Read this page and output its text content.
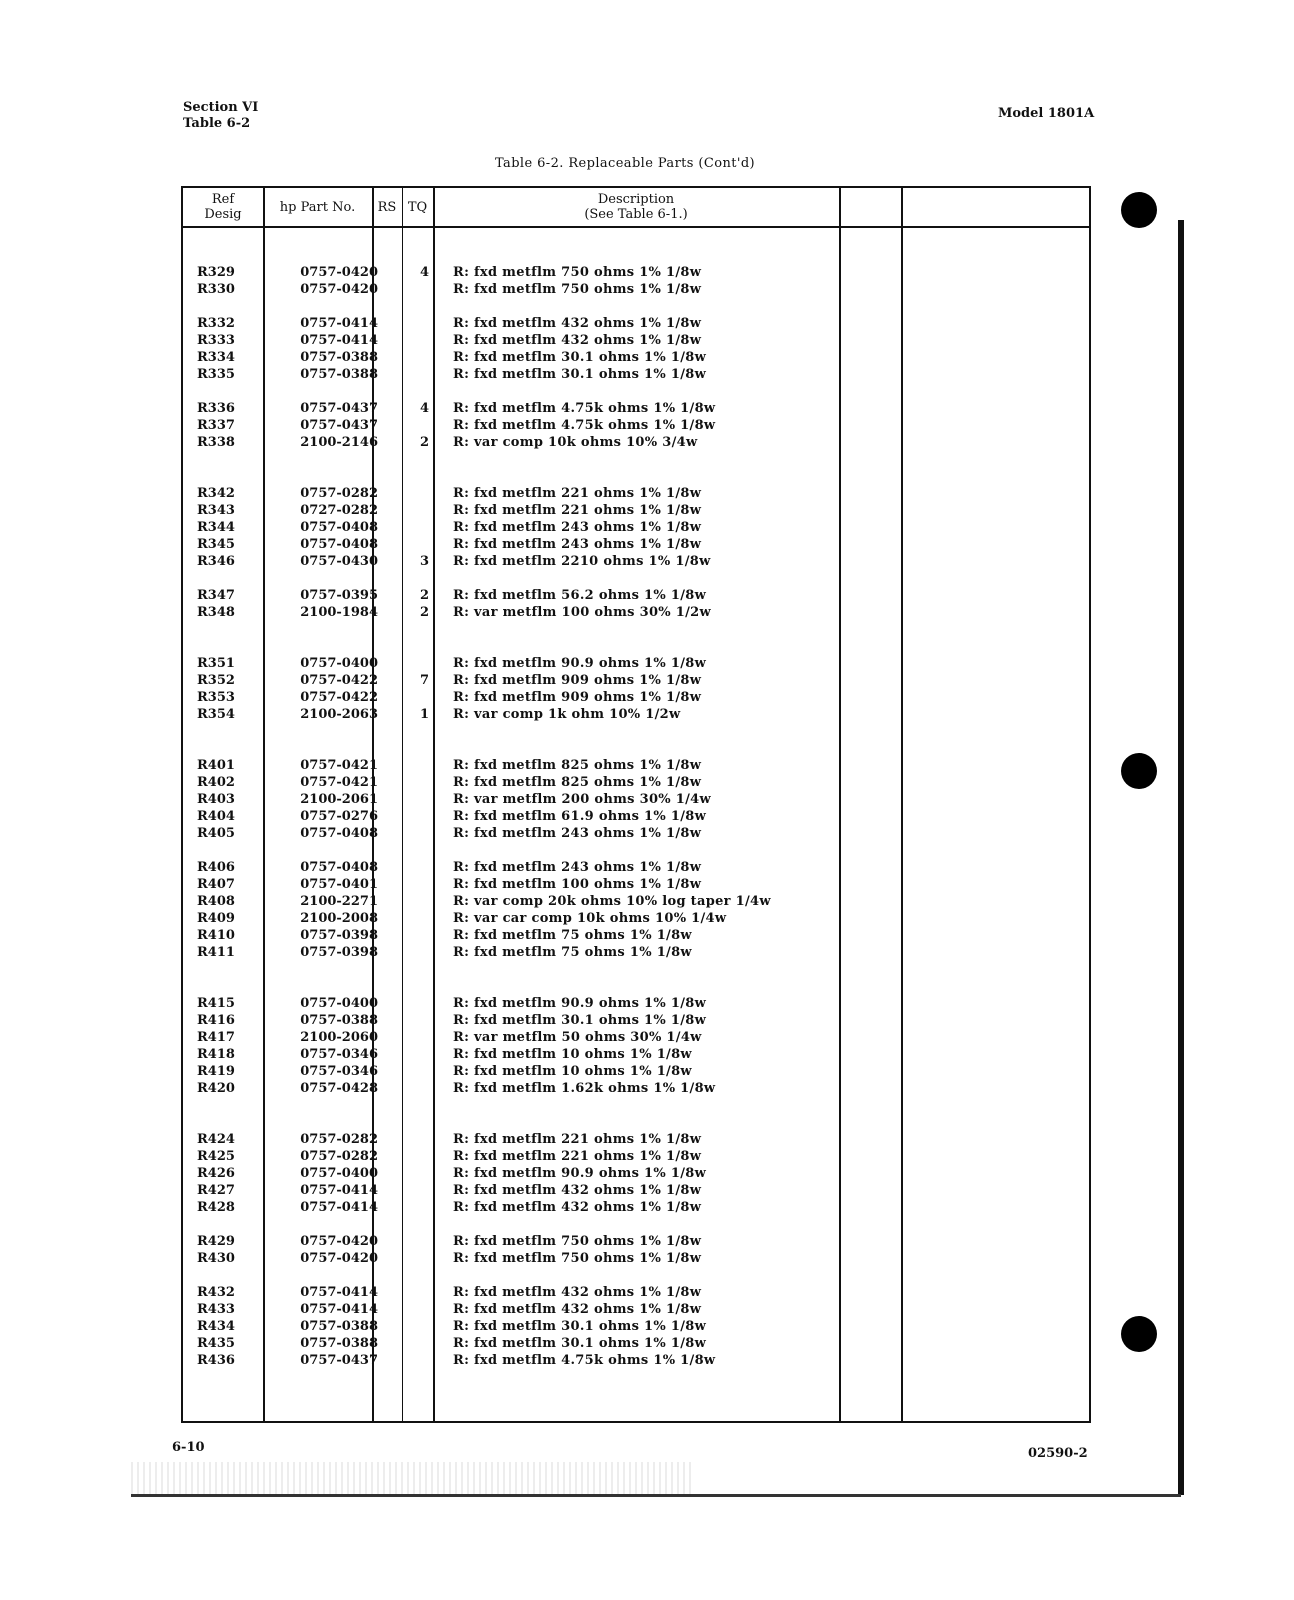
Section VI
Table 6-2
Model 1801A
Table 6-2. Replaceable Parts (Cont'd)
Ref
Desig	hp Part No.	RS TQ	Description
(See Table 6-1.)
R329	0757-0420	4 R: fxd metflm 750 ohms 1% 1/8w
R330	0757-0420	R: fxd metflm 750 ohms 1% 1/8w
R332	0757-0414	R: fxd metflm 432 ohms 1% 1/8w
R333	0757-0414	R: fxd metflm 432 ohms 1% 1/8w
R334	0757-0388	R: fxd metflm 30.1 ohms 1% 1/8w
R335	0757-0388	R: fxd metflm 30.1 ohms 1% 1/8w
R336	0757-0437	4 R: fxd metflm 4.75k ohms 1% 1/8w
R337	0757-0437	R: fxd metflm 4.75k ohms 1% 1/8w
R338	2100-2146	2 R: var comp 10k ohms 10% 3/4w
R342	0757-0282	R: fxd metflm 221 ohms 1% 1/8w
R343	0727-0282	R: fxd metflm 221 ohms 1% 1/8w
R344	0757-0408	R: fxd metflm 243 ohms 1% 1/8w
R345	0757-0408	R: fxd metflm 243 ohms 1% 1/8w
R346	0757-0430	3 R: fxd metflm 2210 ohms 1% 1/8w
R347	0757-0395	2 R: fxd metflm 56.2 ohms 1% 1/8w
R348	2100-1984	2 R: var metflm 100 ohms 30% 1/2w
R351	0757-0400	R: fxd metflm 90.9 ohms 1% 1/8w
R352	0757-0422	7 R: fxd metflm 909 ohms 1% 1/8w
R353	0757-0422	R: fxd metflm 909 ohms 1% 1/8w
R354	2100-2063	1 R: var comp 1k ohm 10% 1/2w
R401	0757-0421	R: fxd metflm 825 ohms 1% 1/8w
R402	0757-0421	R: fxd metflm 825 ohms 1% 1/8w
R403	2100-2061	R: var metflm 200 ohms 30% 1/4w
R404	0757-0276	R: fxd metflm 61.9 ohms 1% 1/8w
R405	0757-0408	R: fxd metflm 243 ohms 1% 1/8w
R406	0757-0408	R: fxd metflm 243 ohms 1% 1/8w
R407	0757-0401	R: fxd metflm 100 ohms 1% 1/8w
R408	2100-2271	R: var comp 20k ohms 10% log taper 1/4w
R409	2100-2008	R: var car comp 10k ohms 10% 1/4w
R410	0757-0398	R: fxd metflm 75 ohms 1% 1/8w
R411	0757-0398	R: fxd metflm 75 ohms 1% 1/8w
R415	0757-0400	R: fxd metflm 90.9 ohms 1% 1/8w
R416	0757-0388	R: fxd metflm 30.1 ohms 1% 1/8w
R417	2100-2060	R: var metflm 50 ohms 30% 1/4w
R418	0757-0346	R: fxd metflm 10 ohms 1% 1/8w
R419	0757-0346	R: fxd metflm 10 ohms 1% 1/8w
R420	0757-0428	R: fxd metflm 1.62k ohms 1% 1/8w
R424	0757-0282	R: fxd metflm 221 ohms 1% 1/8w
R425	0757-0282	R: fxd metflm 221 ohms 1% 1/8w
R426	0757-0400	R: fxd metflm 90.9 ohms 1% 1/8w
R427	0757-0414	R: fxd metflm 432 ohms 1% 1/8w
R428	0757-0414	R: fxd metflm 432 ohms 1% 1/8w
R429	0757-0420	R: fxd metflm 750 ohms 1% 1/8w
R430	0757-0420	R: fxd metflm 750 ohms 1% 1/8w
R432	0757-0414	R: fxd metflm 432 ohms 1% 1/8w
R433	0757-0414	R: fxd metflm 432 ohms 1% 1/8w
R434	0757-0388	R: fxd metflm 30.1 ohms 1% 1/8w
R435	0757-0388	R: fxd metflm 30.1 ohms 1% 1/8w
R436	0757-0437	R: fxd metflm 4.75k ohms 1% 1/8w
6-10	02590-2
